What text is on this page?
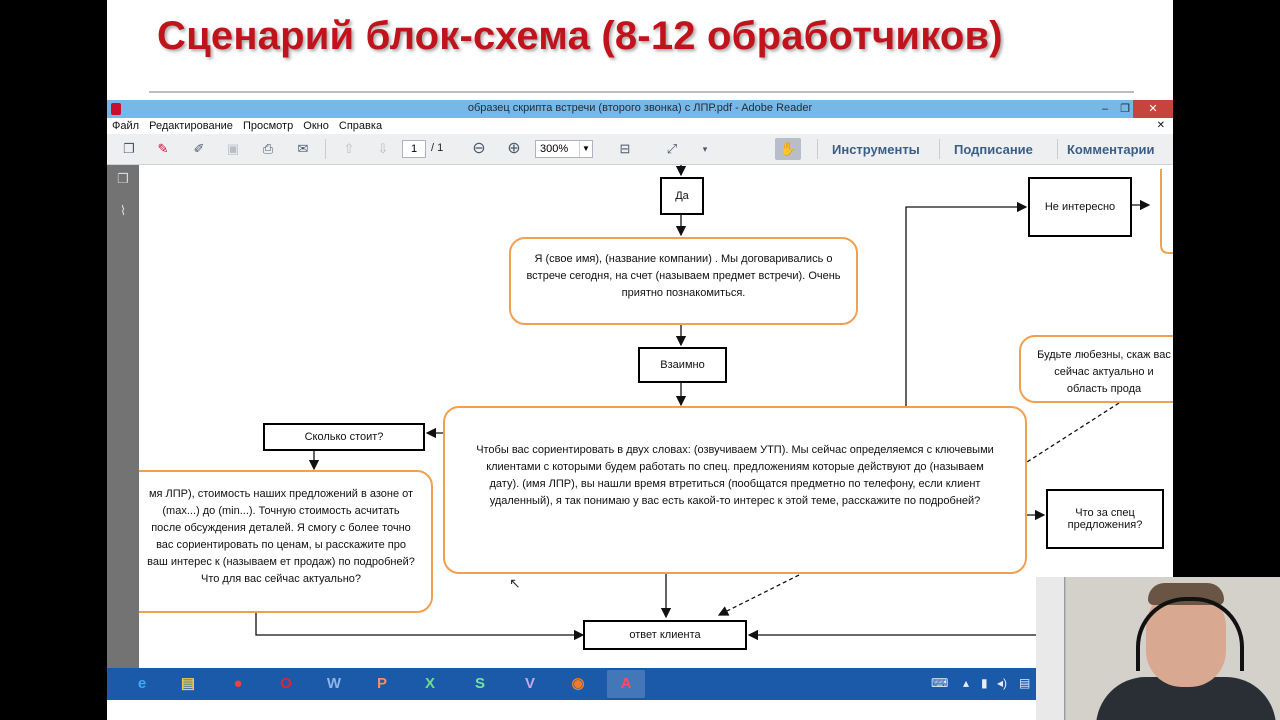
Сценарий блок-схема (8-12 обработчиков)
образец скрипта встречи (второго звонка) с ЛПР.pdf - Adobe Reader	–	❐	✕
Файл Редактирование Просмотр Окно Справка	✕
❐	✎	✐	▣	⎙	✉	⇧	⇩	1	/ 1 ⊖ ⊕ 300%	▼	⊟	⤢	▾	✋	Инструменты	Подписание	Комментарии
❐
⌇
Да
Я (свое имя), (название компании) . Мы договаривались о встрече сегодня, на счет (называем предмет встречи). Очень приятно познакомиться.
Взаимно
Чтобы вас сориентировать в двух словах: (озвучиваем УТП). Мы сейчас определяемся с ключевыми клиентами с которыми будем работать по спец. предложениям которые действуют до (называем дату). (имя ЛПР), вы нашли время втретиться (пообщатся предметно по телефону, если клиент удаленный), я так понимаю у вас есть какой-то интерес к этой теме, расскажите по подробней?
Сколько стоит?
мя ЛПР), стоимость наших предложений в азоне от (max...) до (min...). Точную стоимость асчитать после обсуждения деталей. Я смогу с более точно вас сориентировать по ценам, ы расскажите про ваш интерес к (называем ет продаж) по подробней? Что для вас сейчас актуально?
Не интересно
Будьте любезны, скаж вас сейчас актуально и область прода
Что за спец предложения?
ответ клиента
↖
e	▤	●	O	W	P	X	S	V	◉	A	⌨ ▴ ▮ ◂) ▤
